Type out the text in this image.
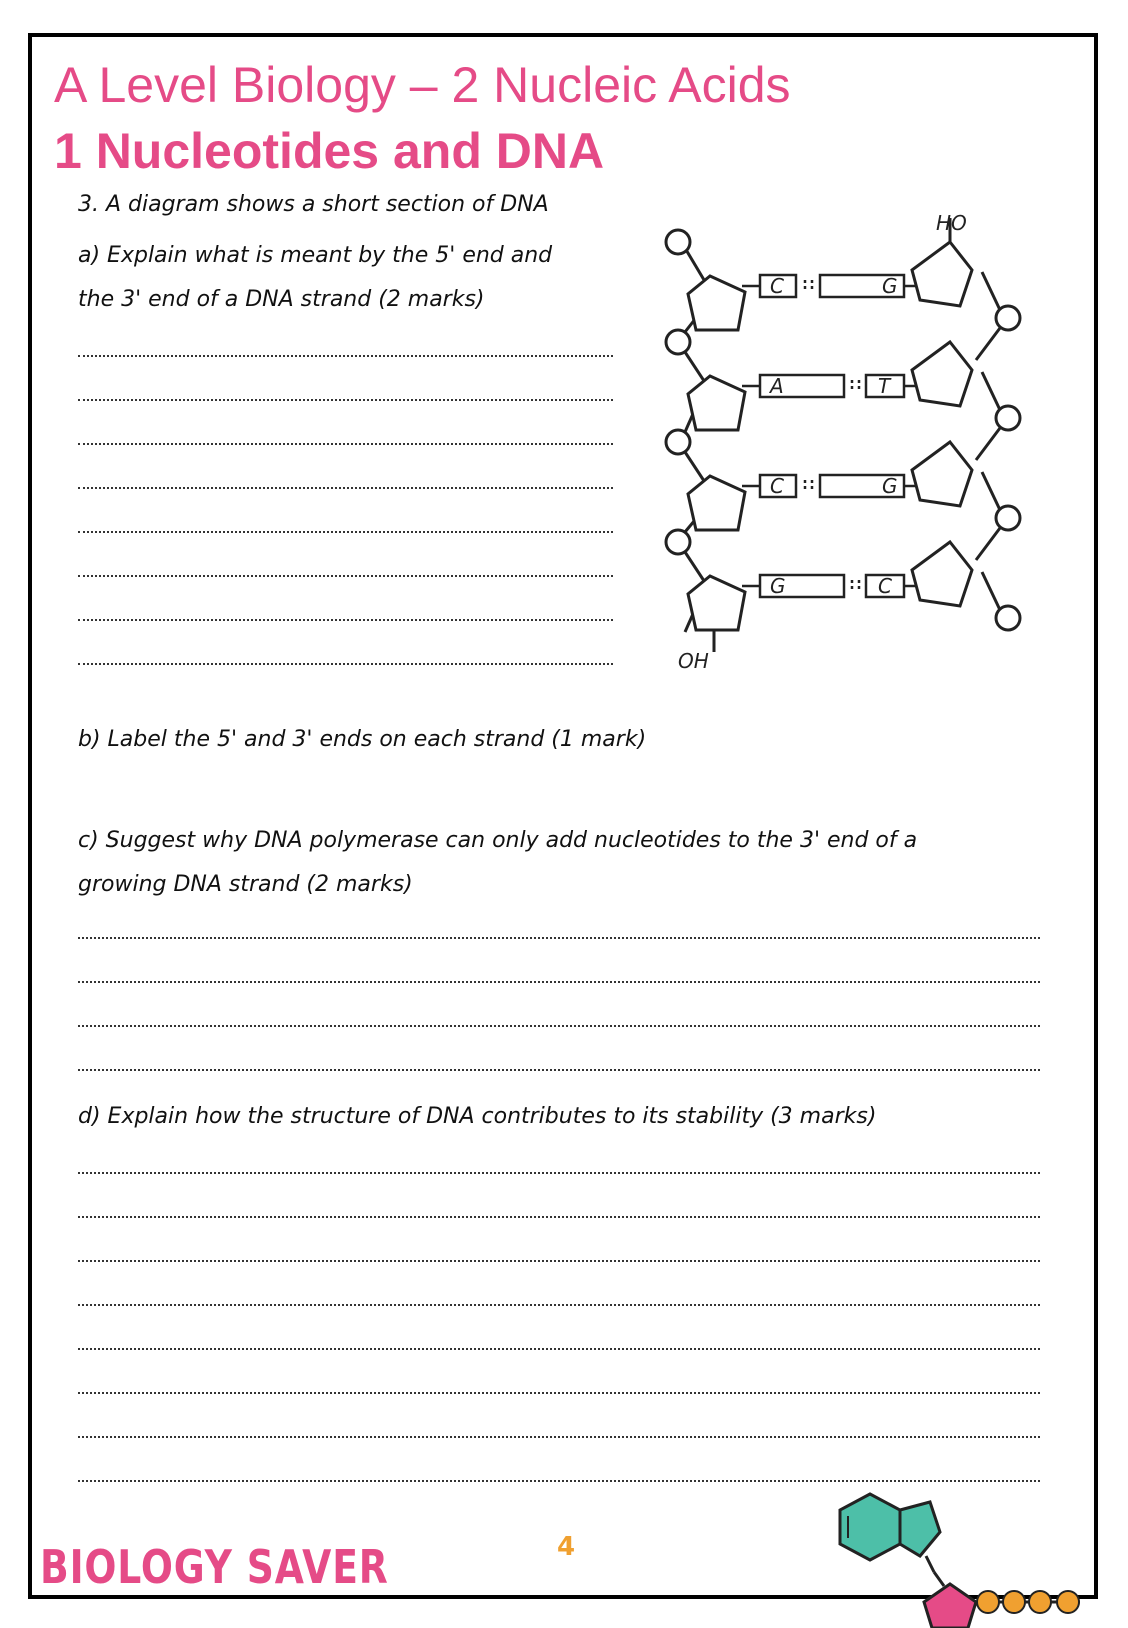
A Level Biology – 2 Nucleic Acids
1 Nucleotides and DNA
3. A diagram shows a short section of DNA
a) Explain what is meant by the 5' end and
the 3' end of a DNA strand (2 marks)
HO
OH
C	G
A	T
C	G
G	C
b) Label the 5' and 3' ends on each strand (1 mark)
c) Suggest why DNA polymerase can only add nucleotides to the 3' end of a
growing DNA strand (2 marks)
d) Explain how the structure of DNA contributes to its stability (3 marks)
BIOLOGY SAVER	4
